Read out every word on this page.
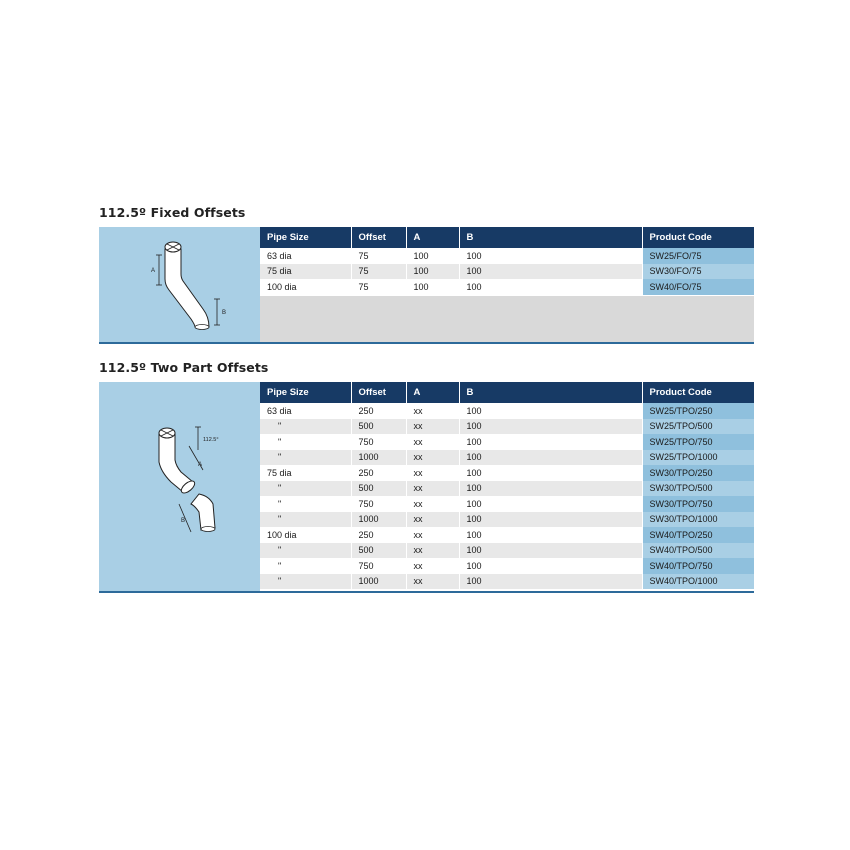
112.5º Fixed Offsets
A
B
Pipe Size	Offset	A	B	Product Code
63 dia	75	100	100	SW25/FO/75
75 dia	75	100	100	SW30/FO/75
100 dia	75	100	100	SW40/FO/75
112.5º Two Part Offsets
112.5°
A
B
Pipe Size	Offset	A	B	Product Code
63 dia	250	xx	100	SW25/TPO/250
"	500	xx	100	SW25/TPO/500
"	750	xx	100	SW25/TPO/750
"	1000	xx	100	SW25/TPO/1000
75 dia	250	xx	100	SW30/TPO/250
"	500	xx	100	SW30/TPO/500
"	750	xx	100	SW30/TPO/750
"	1000	xx	100	SW30/TPO/1000
100 dia	250	xx	100	SW40/TPO/250
"	500	xx	100	SW40/TPO/500
"	750	xx	100	SW40/TPO/750
"	1000	xx	100	SW40/TPO/1000
